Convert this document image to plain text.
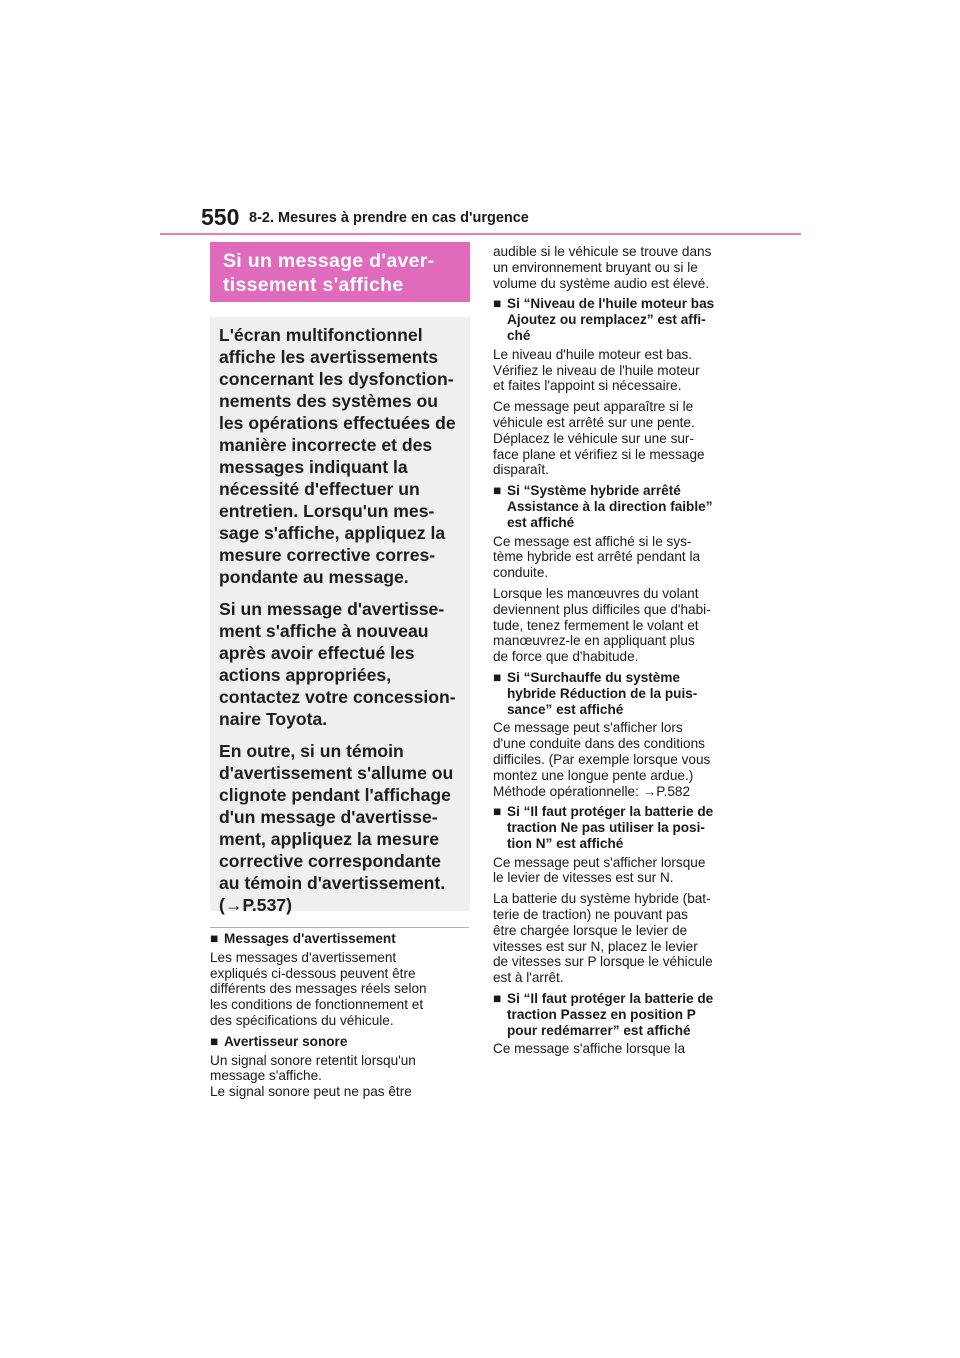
550 8-2. Mesures à prendre en cas d'urgence
Si un message d'aver-
tissement s'affiche

L'écran multifonctionnel
affiche les avertissements
concernant les dysfonction-
nements des systèmes ou
les opérations effectuées de
manière incorrecte et des
messages indiquant la
nécessité d'effectuer un
entretien. Lorsqu'un mes-
sage s'affiche, appliquez la
mesure corrective corres-
pondante au message.

Si un message d'avertisse-
ment s'affiche à nouveau
après avoir effectué les
actions appropriées,
contactez votre concession-
naire Toyota.

En outre, si un témoin
d'avertissement s'allume ou
clignote pendant l'affichage
d'un message d'avertisse-
ment, appliquez la mesure
corrective correspondante
au témoin d'avertissement.
(→P.537)

■ Messages d'avertissement

Les messages d'avertissement
expliqués ci-dessous peuvent être
différents des messages réels selon
les conditions de fonctionnement et
des spécifications du véhicule.

■ Avertisseur sonore

Un signal sonore retentit lorsqu'un
message s'affiche.
Le signal sonore peut ne pas être

audible si le véhicule se trouve dans
un environnement bruyant ou si le
volume du système audio est élevé.

■ Si “Niveau de l'huile moteur bas
Ajoutez ou remplacez” est affi-
ché

Le niveau d'huile moteur est bas.
Vérifiez le niveau de l'huile moteur
et faites l'appoint si nécessaire.

Ce message peut apparaître si le
véhicule est arrêté sur une pente.
Déplacez le véhicule sur une sur-
face plane et vérifiez si le message
disparaît.

■ Si “Système hybride arrêté
Assistance à la direction faible”
est affiché

Ce message est affiché si le sys-
tème hybride est arrêté pendant la
conduite.

Lorsque les manœuvres du volant
deviennent plus difficiles que d'habi-
tude, tenez fermement le volant et
manœuvrez-le en appliquant plus
de force que d'habitude.

■ Si “Surchauffe du système
hybride Réduction de la puis-
sance” est affiché

Ce message peut s'afficher lors
d'une conduite dans des conditions
difficiles. (Par exemple lorsque vous
montez une longue pente ardue.)
Méthode opérationnelle: →P.582

■ Si “Il faut protéger la batterie de
traction Ne pas utiliser la posi-
tion N” est affiché

Ce message peut s'afficher lorsque
le levier de vitesses est sur N.

La batterie du système hybride (bat-
terie de traction) ne pouvant pas
être chargée lorsque le levier de
vitesses est sur N, placez le levier
de vitesses sur P lorsque le véhicule
est à l'arrêt.

■ Si “Il faut protéger la batterie de
traction Passez en position P
pour redémarrer” est affiché

Ce message s'affiche lorsque la
